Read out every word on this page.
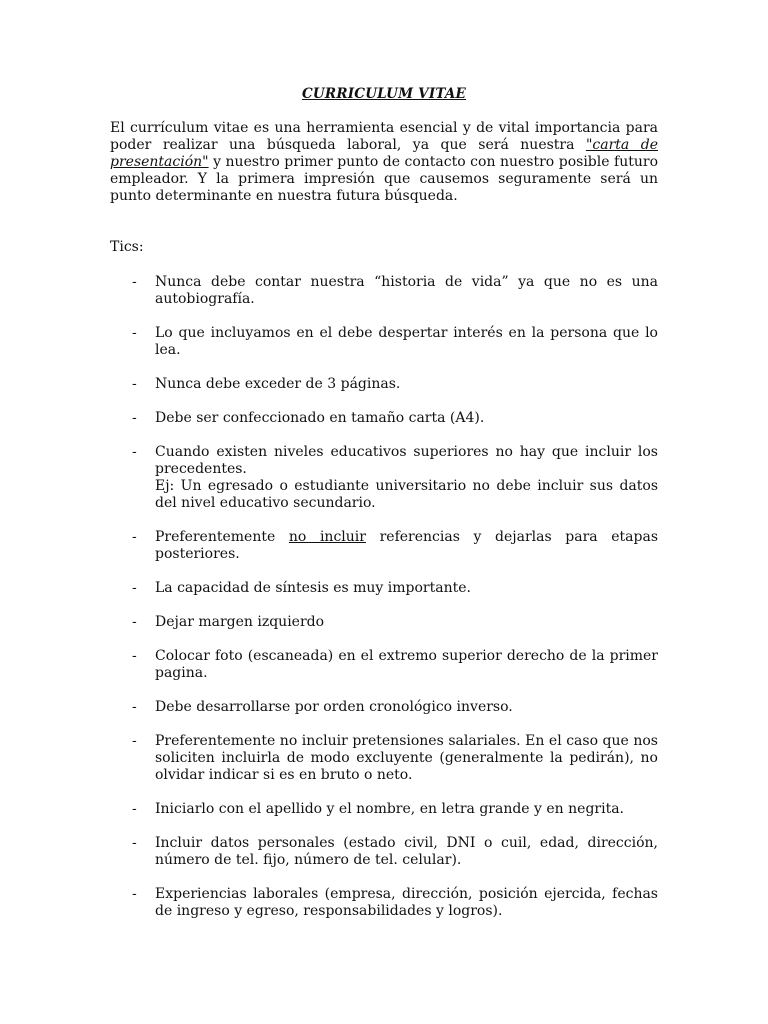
CURRICULUM VITAE

El currículum vitae es una herramienta esencial y de vital importancia para poder realizar una búsqueda laboral, ya que será nuestra "carta de presentación" y nuestro primer punto de contacto con nuestro posible futuro empleador. Y la primera impresión que causemos seguramente será un punto determinante en nuestra futura búsqueda.

Tics:
- Nunca debe contar nuestra “historia de vida” ya que no es una autobiografía.
- Lo que incluyamos en el debe despertar interés en la persona que lo lea.
- Nunca debe exceder de 3 páginas.
- Debe ser confeccionado en tamaño carta (A4).
- Cuando existen niveles educativos superiores no hay que incluir los precedentes.
Ej: Un egresado o estudiante universitario no debe incluir sus datos del nivel educativo secundario.
- Preferentemente no incluir referencias y dejarlas para etapas posteriores.
- La capacidad de síntesis es muy importante.
- Dejar margen izquierdo
- Colocar foto (escaneada) en el extremo superior derecho de la primer pagina.
- Debe desarrollarse por orden cronológico inverso.
- Preferentemente no incluir pretensiones salariales. En el caso que nos soliciten incluirla de modo excluyente (generalmente la pedirán), no olvidar indicar si es en bruto o neto.
- Iniciarlo con el apellido y el nombre, en letra grande y en negrita.
- Incluir datos personales (estado civil, DNI o cuil, edad, dirección, número de tel. fijo, número de tel. celular).
- Experiencias laborales (empresa, dirección, posición ejercida, fechas de ingreso y egreso, responsabilidades y logros).
